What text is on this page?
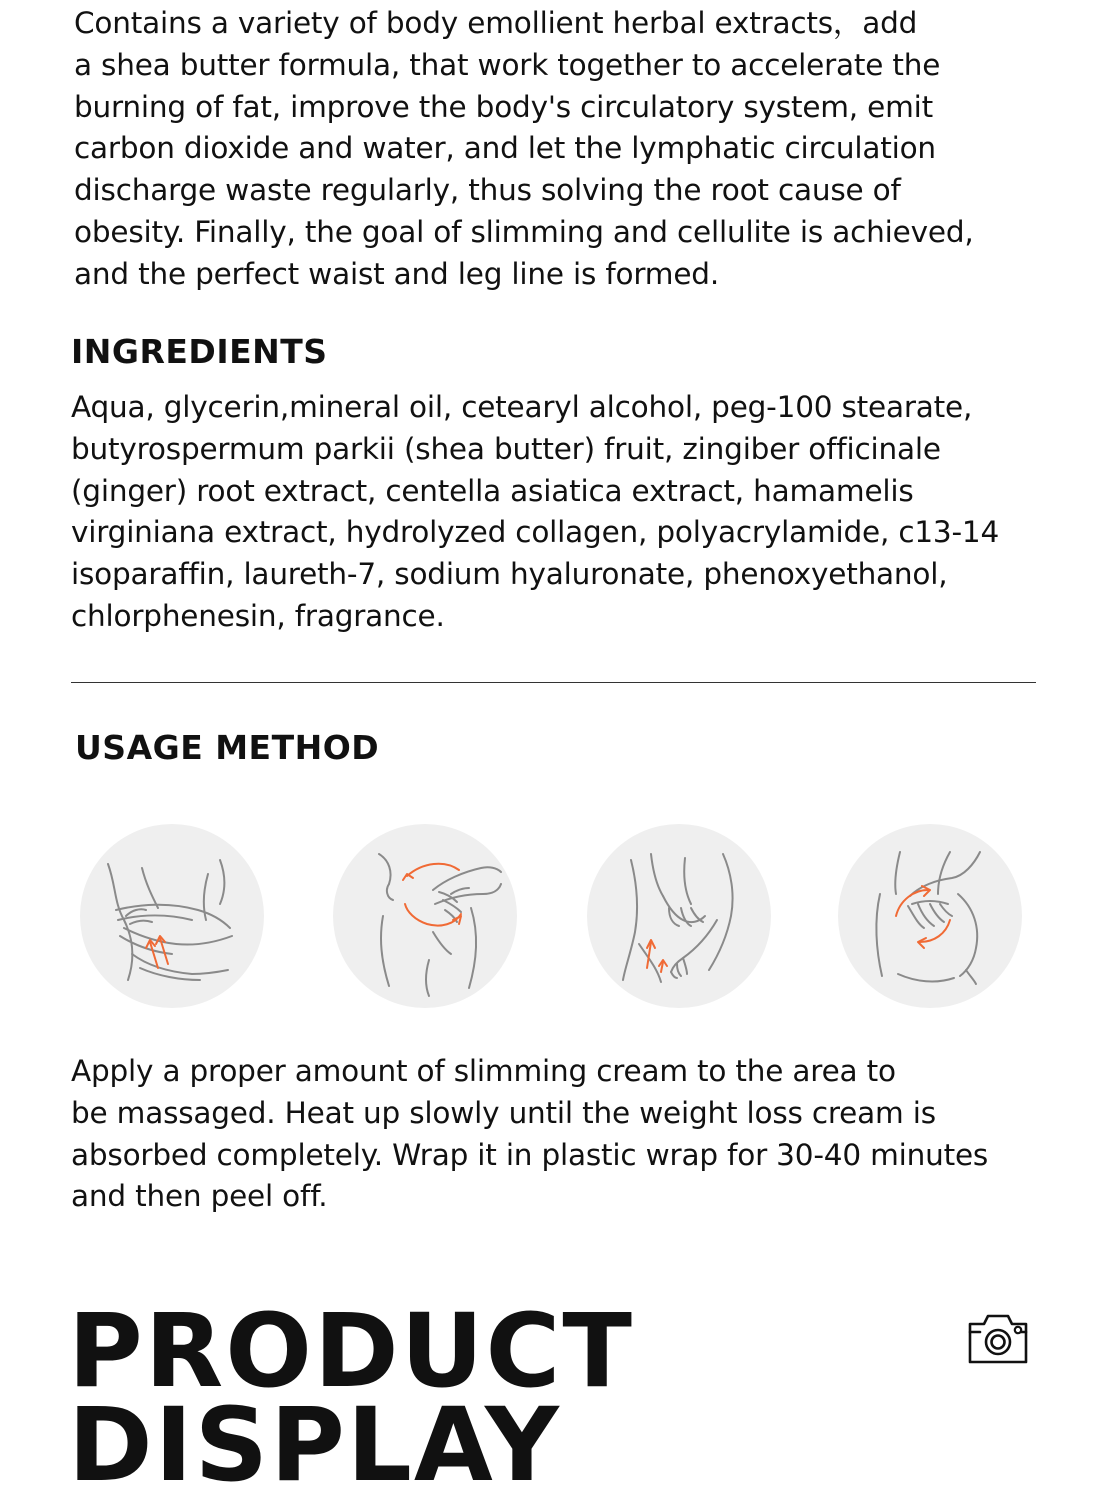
Contains a variety of body emollient herbal extracts，add
a shea butter formula, that work together to accelerate the
burning of fat, improve the body's circulatory system, emit
carbon dioxide and water, and let the lymphatic circulation
discharge waste regularly, thus solving the root cause of
obesity. Finally, the goal of slimming and cellulite is achieved,
and the perfect waist and leg line is formed.
INGREDIENTS
Aqua, glycerin,mineral oil, cetearyl alcohol, peg-100 stearate,
butyrospermum parkii (shea butter) fruit, zingiber officinale
(ginger) root extract, centella asiatica extract, hamamelis
virginiana extract, hydrolyzed collagen, polyacrylamide, c13-14
isoparaffin, laureth-7, sodium hyaluronate, phenoxyethanol,
chlorphenesin, fragrance.
USAGE METHOD
Apply a proper amount of slimming cream to the area to
be massaged. Heat up slowly until the weight loss cream is
absorbed completely. Wrap it in plastic wrap for 30-40 minutes
and then peel off.
PRODUCT
DISPLAY
